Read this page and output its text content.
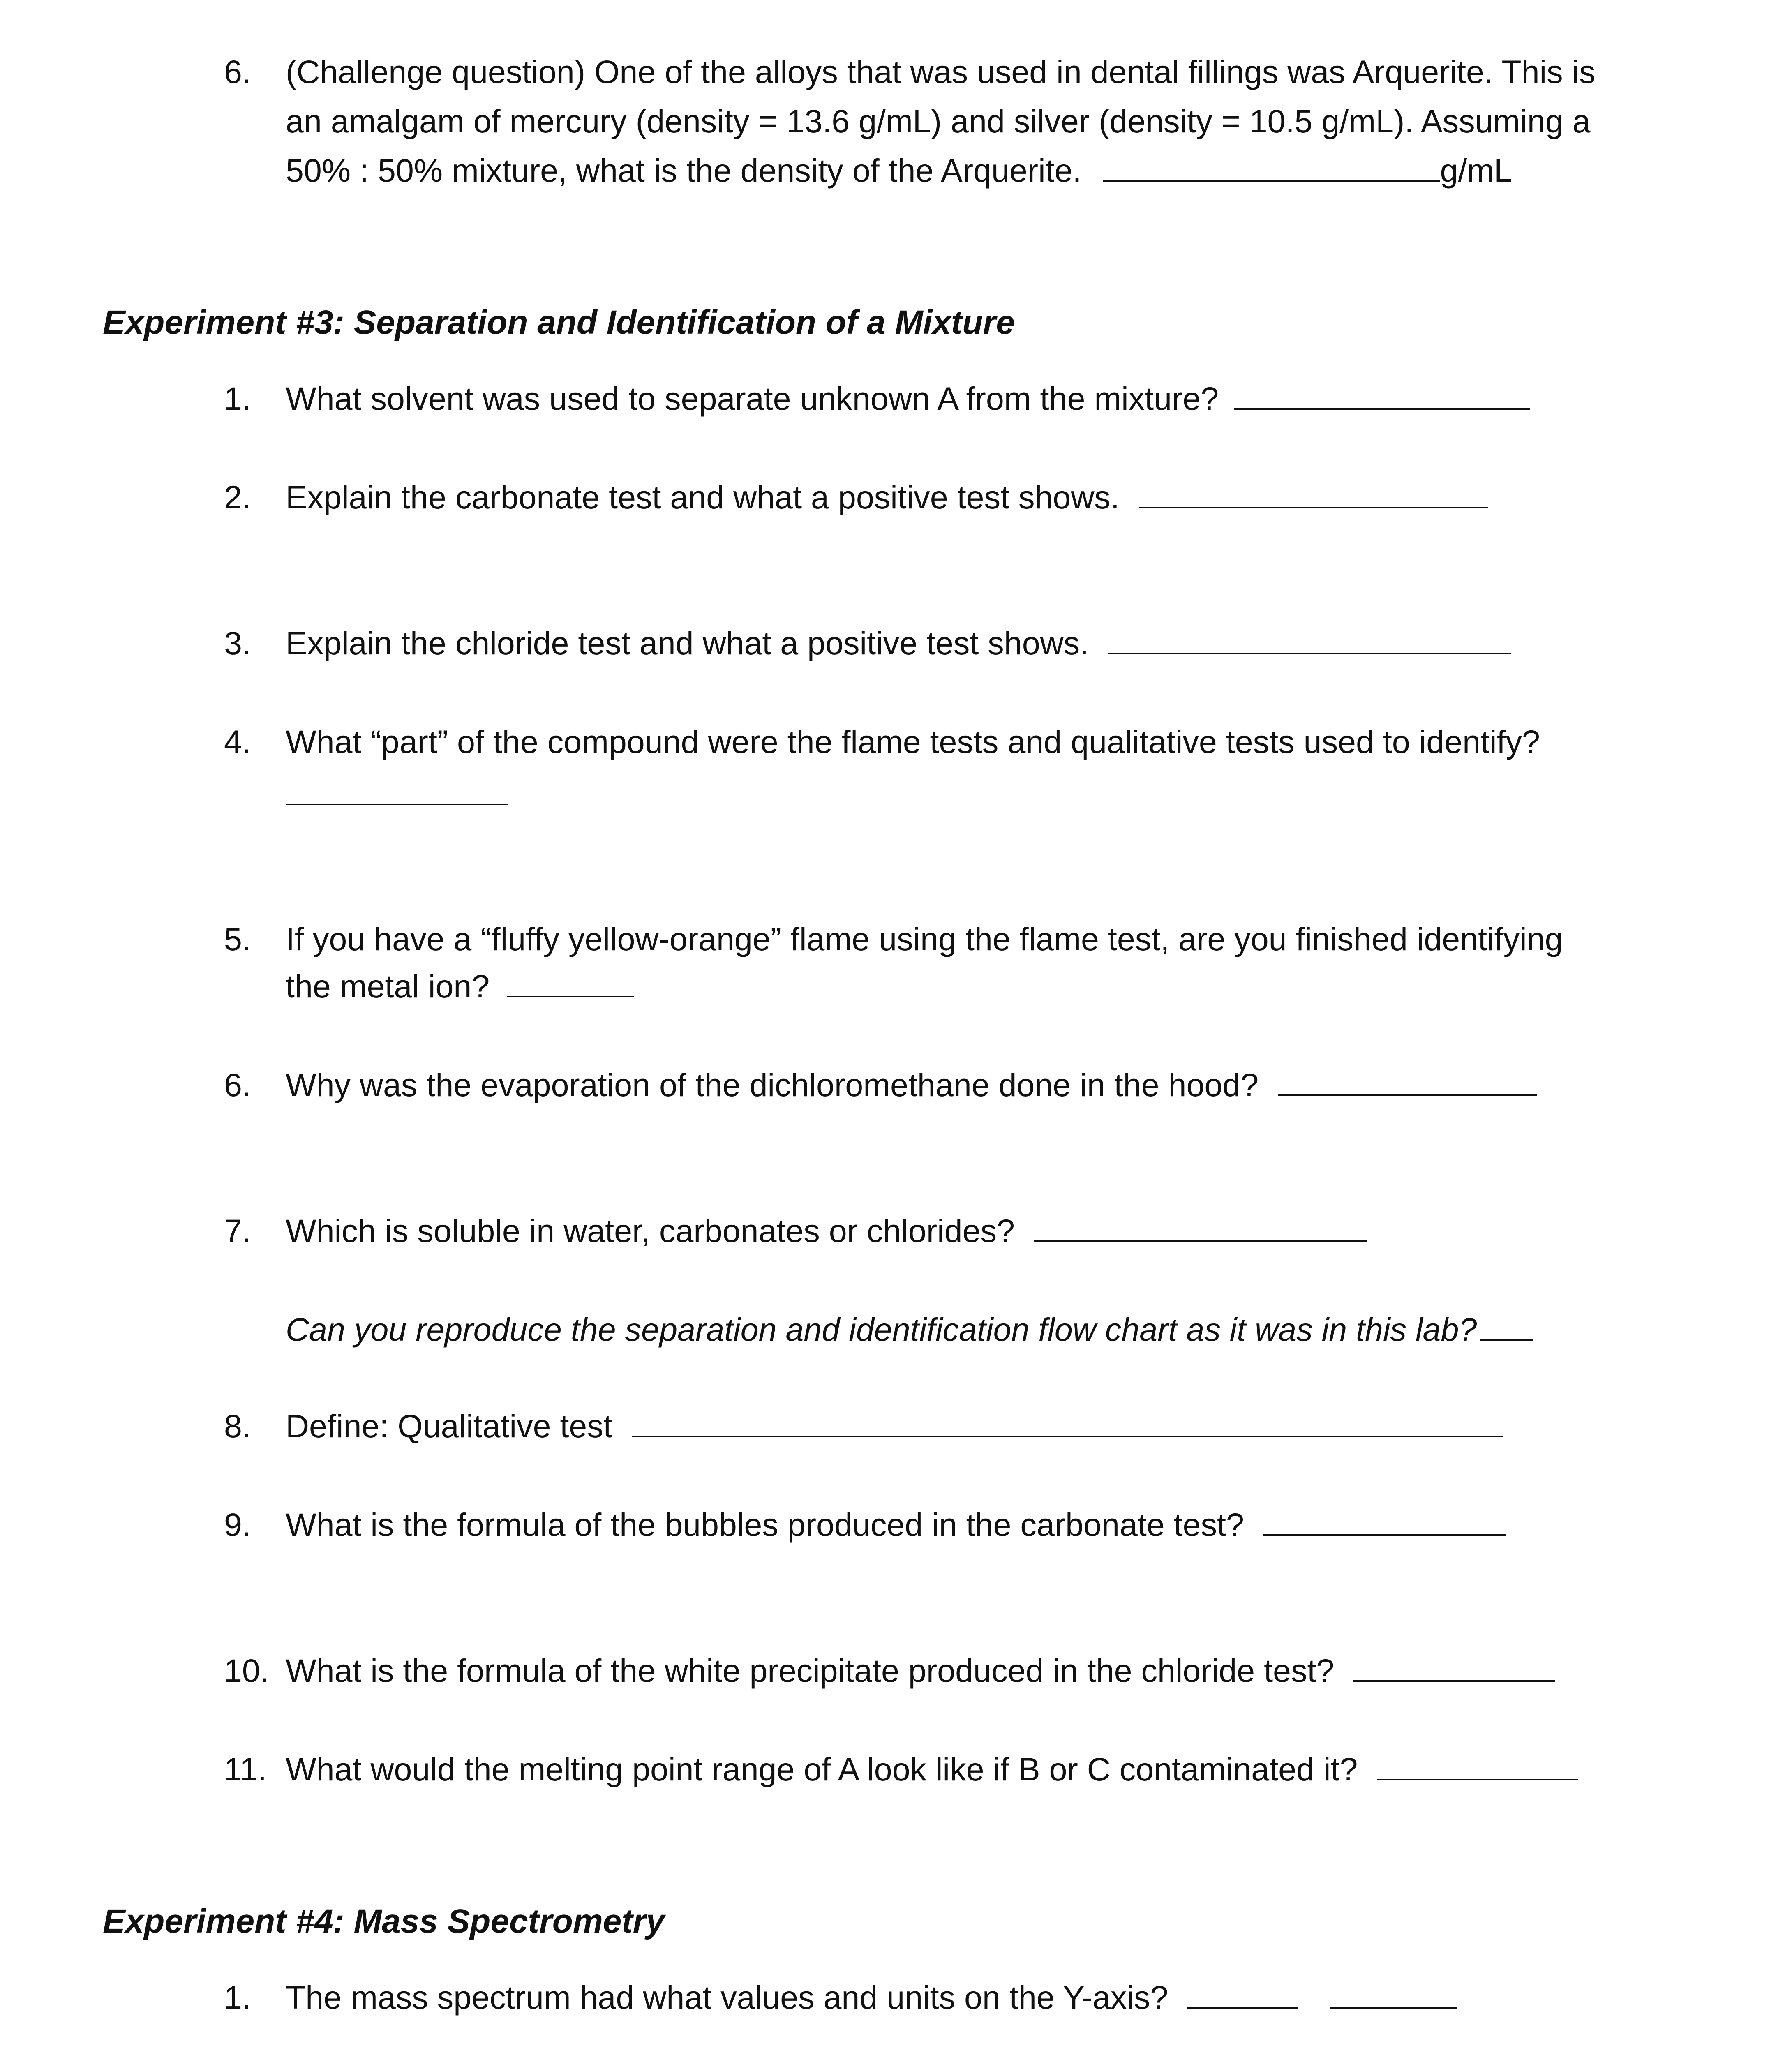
6. (Challenge question) One of the alloys that was used in dental fillings was Arquerite. This is
an amalgam of mercury (density = 13.6 g/mL) and silver (density = 10.5 g/mL). Assuming a
50% : 50% mixture, what is the density of the Arquerite.	g/mL
Experiment #3: Separation and Identification of a Mixture
1. What solvent was used to separate unknown A from the mixture?
2. Explain the carbonate test and what a positive test shows.
3. Explain the chloride test and what a positive test shows.
4. What “part” of the compound were the flame tests and qualitative tests used to identify?
5. If you have a “fluffy yellow-orange” flame using the flame test, are you finished identifying
the metal ion?
6. Why was the evaporation of the dichloromethane done in the hood?
7. Which is soluble in water, carbonates or chlorides?
Can you reproduce the separation and identification flow chart as it was in this lab?
8. Define: Qualitative test
9. What is the formula of the bubbles produced in the carbonate test?
10. What is the formula of the white precipitate produced in the chloride test?
11. What would the melting point range of A look like if B or C contaminated it?
Experiment #4: Mass Spectrometry
1. The mass spectrum had what values and units on the Y-axis?
